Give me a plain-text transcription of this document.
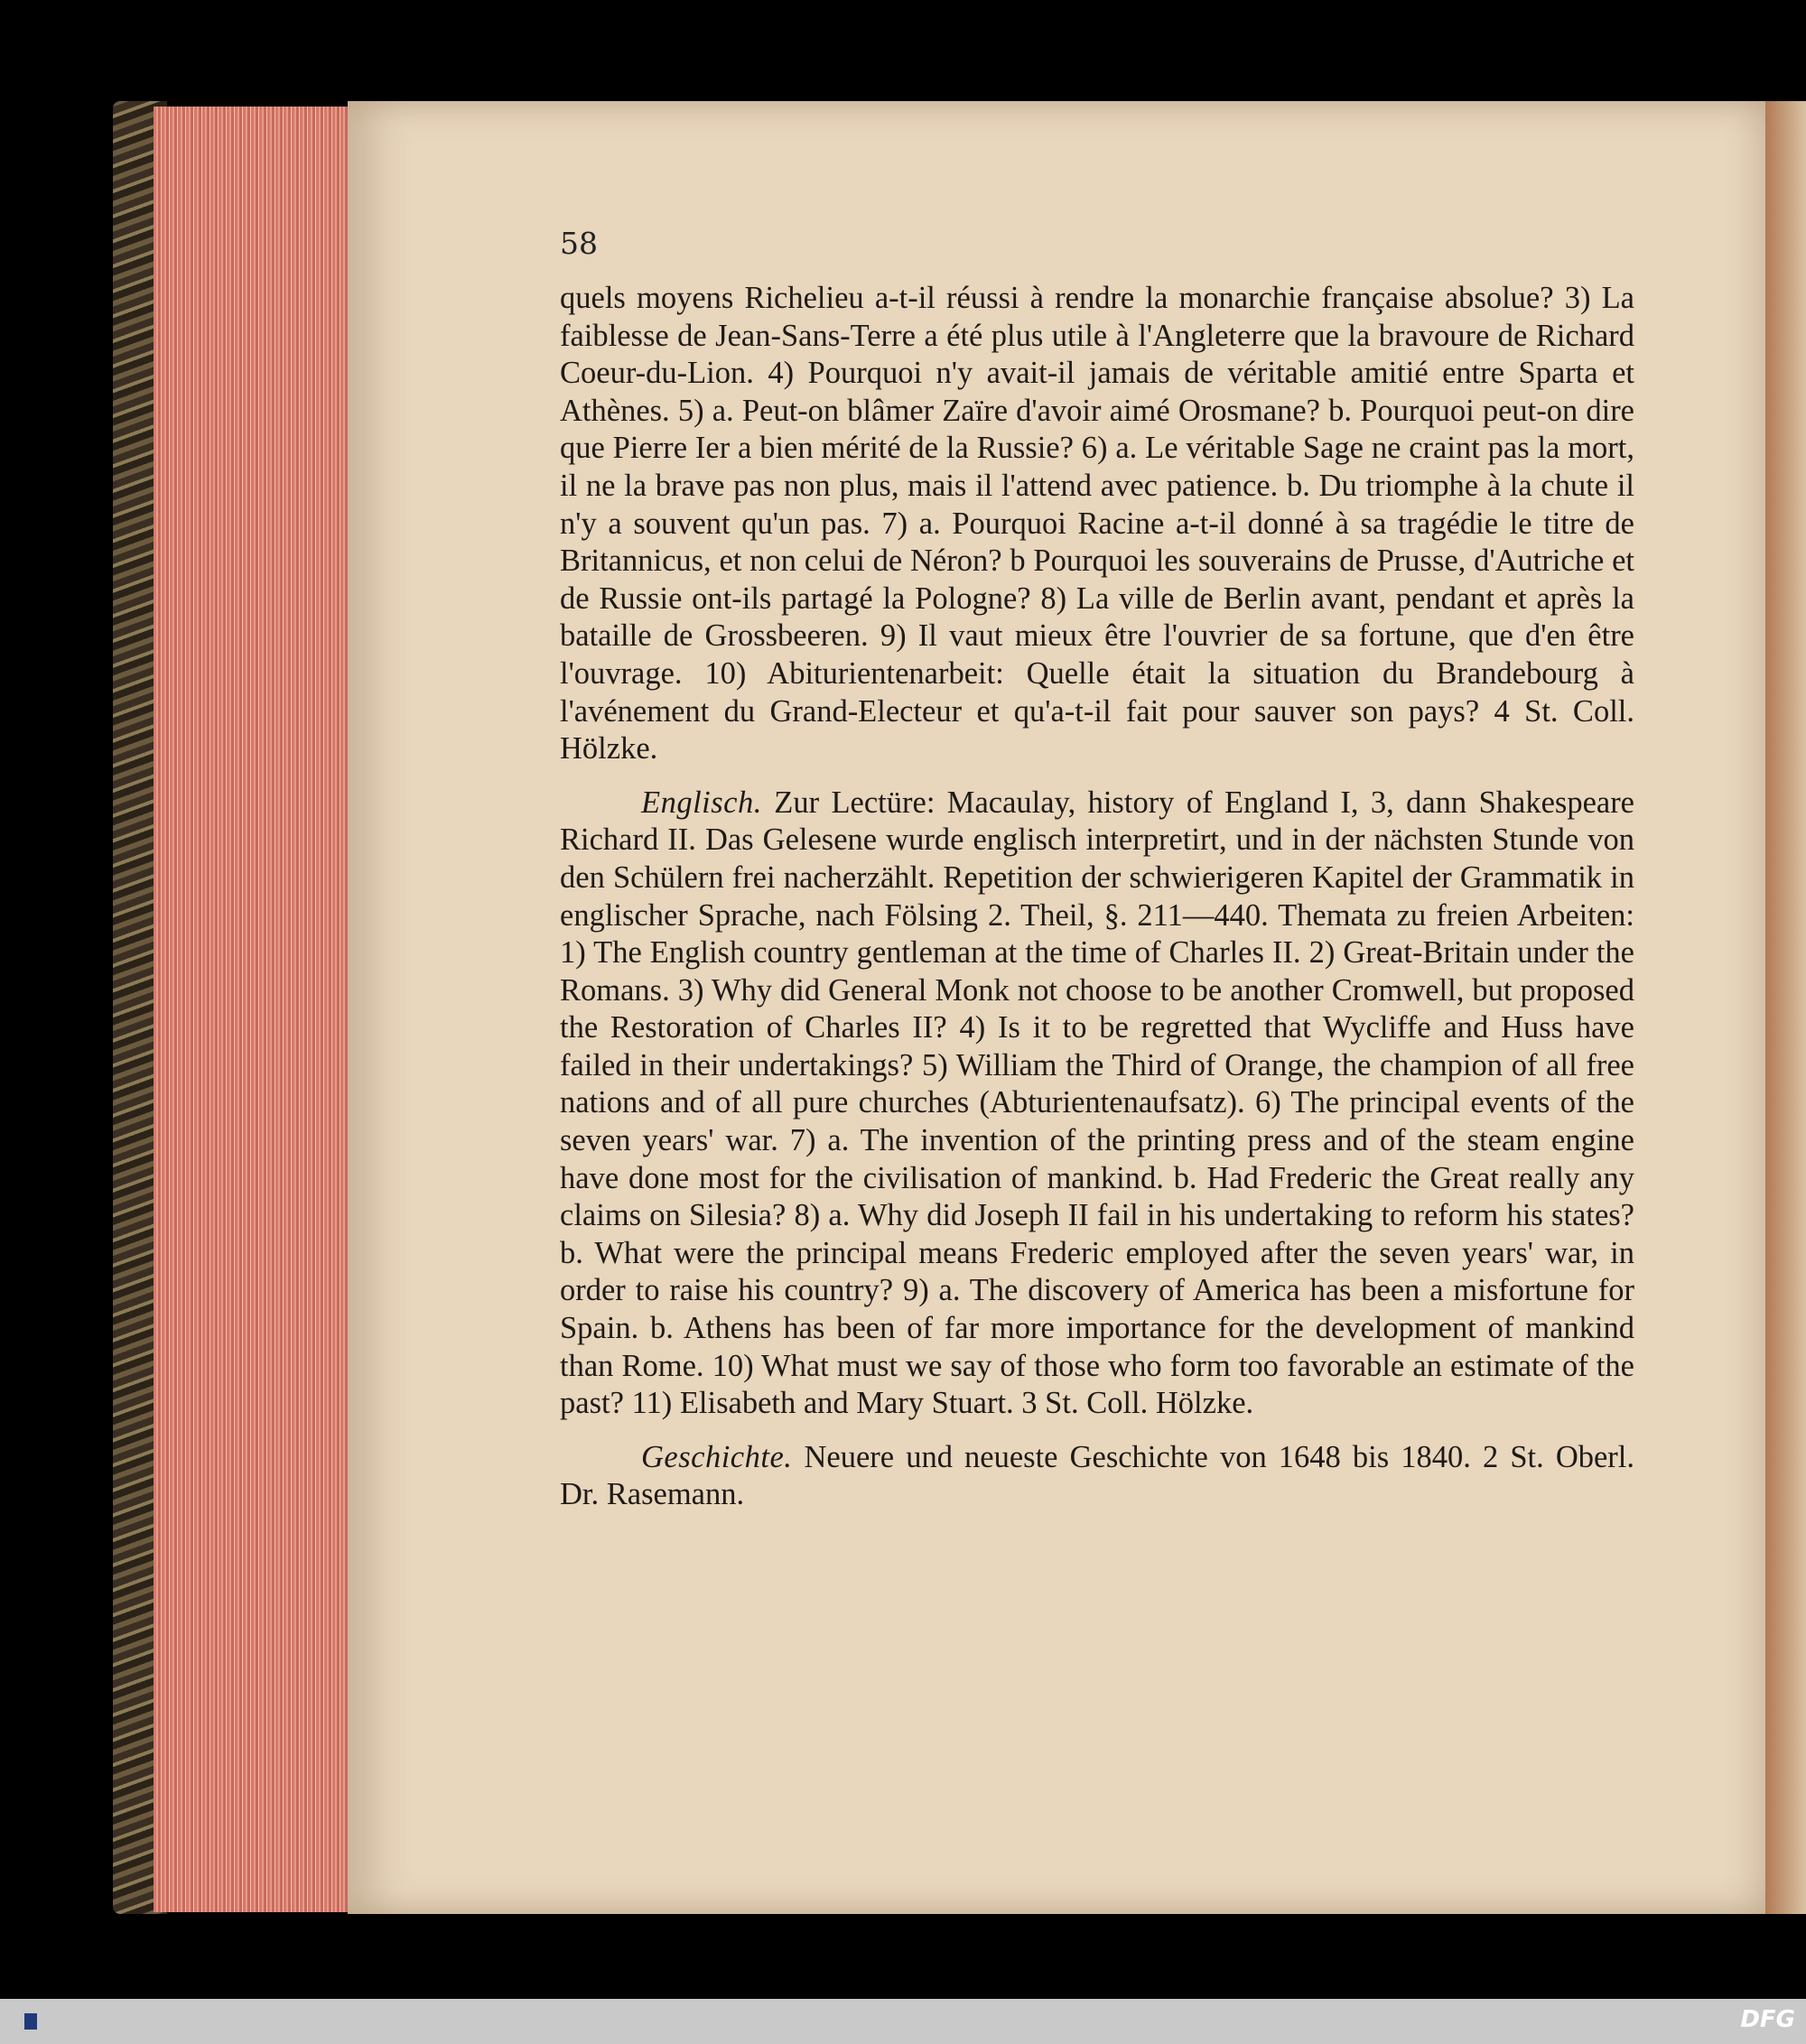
58

quels moyens Richelieu a-t-il réussi à rendre la monarchie française absolue? 3) La faiblesse de Jean-Sans-Terre a été plus utile à l'Angleterre que la bravoure de Richard Coeur-du-Lion. 4) Pourquoi n'y avait-il jamais de véritable amitié entre Sparta et Athènes. 5) a. Peut-on blâmer Zaïre d'avoir aimé Orosmane? b. Pourquoi peut-on dire que Pierre Ier a bien mérité de la Russie? 6) a. Le véritable Sage ne craint pas la mort, il ne la brave pas non plus, mais il l'attend avec patience. b. Du triomphe à la chute il n'y a souvent qu'un pas. 7) a. Pourquoi Racine a-t-il donné à sa tragédie le titre de Britannicus, et non celui de Néron? b Pourquoi les souverains de Prusse, d'Autriche et de Russie ont-ils partagé la Pologne? 8) La ville de Berlin avant, pendant et après la bataille de Grossbeeren. 9) Il vaut mieux être l'ouvrier de sa fortune, que d'en être l'ouvrage. 10) Abiturientenarbeit: Quelle était la situation du Brandebourg à l'avénement du Grand-Electeur et qu'a-t-il fait pour sauver son pays? 4 St. Coll. Hölzke.

Englisch. Zur Lectüre: Macaulay, history of England I, 3, dann Shakespeare Richard II. Das Gelesene wurde englisch interpretirt, und in der nächsten Stunde von den Schülern frei nacherzählt. Repetition der schwierigeren Kapitel der Grammatik in englischer Sprache, nach Fölsing 2. Theil, §. 211—440. Themata zu freien Arbeiten: 1) The English country gentleman at the time of Charles II. 2) Great-Britain under the Romans. 3) Why did General Monk not choose to be another Cromwell, but proposed the Restoration of Charles II? 4) Is it to be regretted that Wycliffe and Huss have failed in their undertakings? 5) William the Third of Orange, the champion of all free nations and of all pure churches (Abturientenaufsatz). 6) The principal events of the seven years' war. 7) a. The invention of the printing press and of the steam engine have done most for the civilisation of mankind. b. Had Frederic the Great really any claims on Silesia? 8) a. Why did Joseph II fail in his undertaking to reform his states? b. What were the principal means Frederic employed after the seven years' war, in order to raise his country? 9) a. The discovery of America has been a misfortune for Spain. b. Athens has been of far more importance for the development of mankind than Rome. 10) What must we say of those who form too favorable an estimate of the past? 11) Elisabeth and Mary Stuart. 3 St. Coll. Hölzke.

Geschichte. Neuere und neueste Geschichte von 1648 bis 1840. 2 St. Oberl. Dr. Rasemann.

DFG
